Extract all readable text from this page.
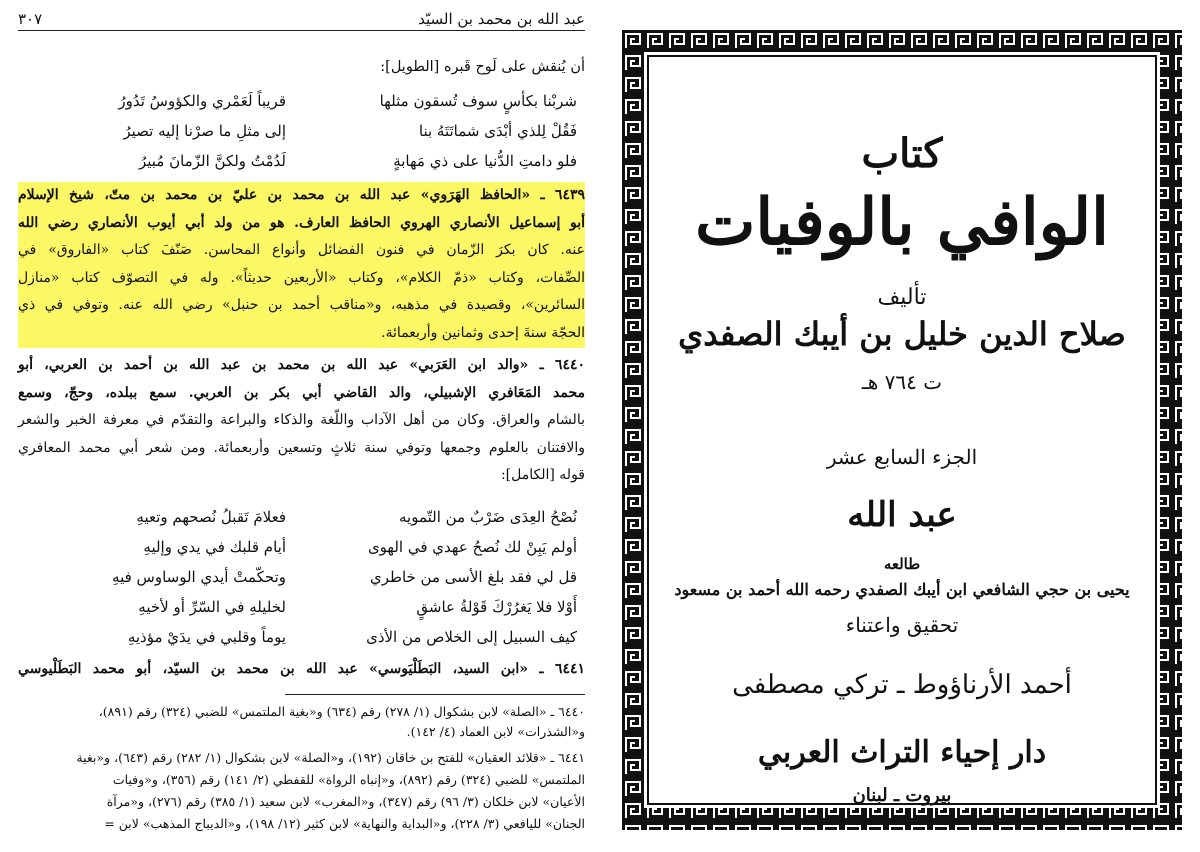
عبد الله بن محمد بن السيّد
٣٠٧
أن يُنقش على لَوح قَبره [الطويل]:
شربْنا بكأسٍ سوف تُسقون مثلها
قريباً لَعَمْري والكؤوسُ تَدُورُ
فَقُلْ لِلذي أبْدَى شماتَتَهُ بنا
إلى مثلِ ما صرْنا إليه تصيرُ
فلو دامتِ الدُّنيا على ذي مَهابةٍ
لَدُمْتُ ولكنَّ الزّمانَ مُبيرُ
٦٤٣٩ ـ «الحافظ الهَرَوي» عبد الله بن محمد بن عليّ بن محمد بن متّ، شيخ الإسلام
أبو إسماعيل الأنصاري الهروي الحافظ العارف. هو من ولد أبي أيوب الأنصاري رضي الله
عنه. كان بكرَ الزّمان في فنون الفضائل وأنواع المحاسن. صَنّفَ كتاب «الفاروق» في
الصِّفات، وكتاب «ذمّ الكلام»، وكتاب «الأربعين حديثاً». وله في التصوّف كتاب «منازل
السائرين»، وقصيدة في مذهبه، و«مناقب أحمد بن حنبل» رضي الله عنه. وتوفي في ذي
الحجّة سنةَ إحدى وثمانين وأربعمائة.
٦٤٤٠ ـ «والد ابن العَرَبي» عبد الله بن محمد بن عبد الله بن أحمد بن العربي، أبو
محمد المَعَافري الإشبيلي، والد القاضي أبي بكر بن العربي. سمع ببلده، وحجّ، وسمع
بالشام والعراق. وكان من أهل الآداب واللّغة والذكاء والبراعة والتقدّم في معرفة الخبر والشعر
والافتنان بالعلوم وجمعها وتوفي سنة ثلاثٍ وتسعين وأربعمائة. ومن شعر أبي محمد المعافري
قوله [الكامل]:
نُصْحُ العِدَى ضَرْبٌ من التّمويه
فعلامَ تَقبلُ نُصحهم وتعيهِ
أولم يَبِنْ لك نُصحُ عهدي في الهوى
أيام قلبك في يدي وإليهِ
قل لي فقد بلغ الأسى من خاطري
وتحكّمتْ أيدي الوساوس فيهِ
أَوْلا فلا يَغرُرْكَ قَوْلةُ عاشقٍ
لخليلهِ في السّرِّ أو لأخيهِ
كيف السبيل إلى الخلاص من الأذى
يوماً وقلبي في يدَيْ مؤذيهِ
٦٤٤١ ـ «ابن السيد، البَطَلْيَوسي» عبد الله بن محمد بن السيّد، أبو محمد البَطَلْيوسي
٦٤٤٠ ـ «الصلة» لابن بشكوال (١/ ٢٧٨) رقم (٦٣٤) و«بغية الملتمس» للضبي (٣٢٤) رقم (٨٩١)،
و«الشذرات» لابن العماد (٤/ ١٤٢).
٦٤٤١ ـ «قلائد العقيان» للفتح بن خاقان (١٩٢)، و«الصلة» لابن بشكوال (١/ ٢٨٢) رقم (٦٤٣)، و«بغية
الملتمس» للضبي (٣٢٤) رقم (٨٩٢)، و«إنباه الرواة» للقفطي (٢/ ١٤١) رقم (٣٥٦)، و«وفيات
الأعيان» لابن خلكان (٣/ ٩٦) رقم (٣٤٧)، و«المغرب» لابن سعيد (١/ ٣٨٥) رقم (٢٧٦)، و«مرآة
الجنان» لليافعي (٣/ ٢٢٨)، و«البداية والنهاية» لابن كثير (١٢/ ١٩٨)، و«الديباج المذهب» لابن =
كتاب
الوافي بالوفيات
تأليف
صلاح الدين خليل بن أيبك الصفدي
ت ٧٦٤ هـ
الجزء السابع عشر
عبد الله
طالعه
يحيى بن حجي الشافعي ابن أيبك الصفدي رحمه الله أحمد بن مسعود
تحقيق واعتناء
أحمد الأرناؤوط ـ تركي مصطفى
دار إحياء التراث العربي
بيروت ـ لبنان
